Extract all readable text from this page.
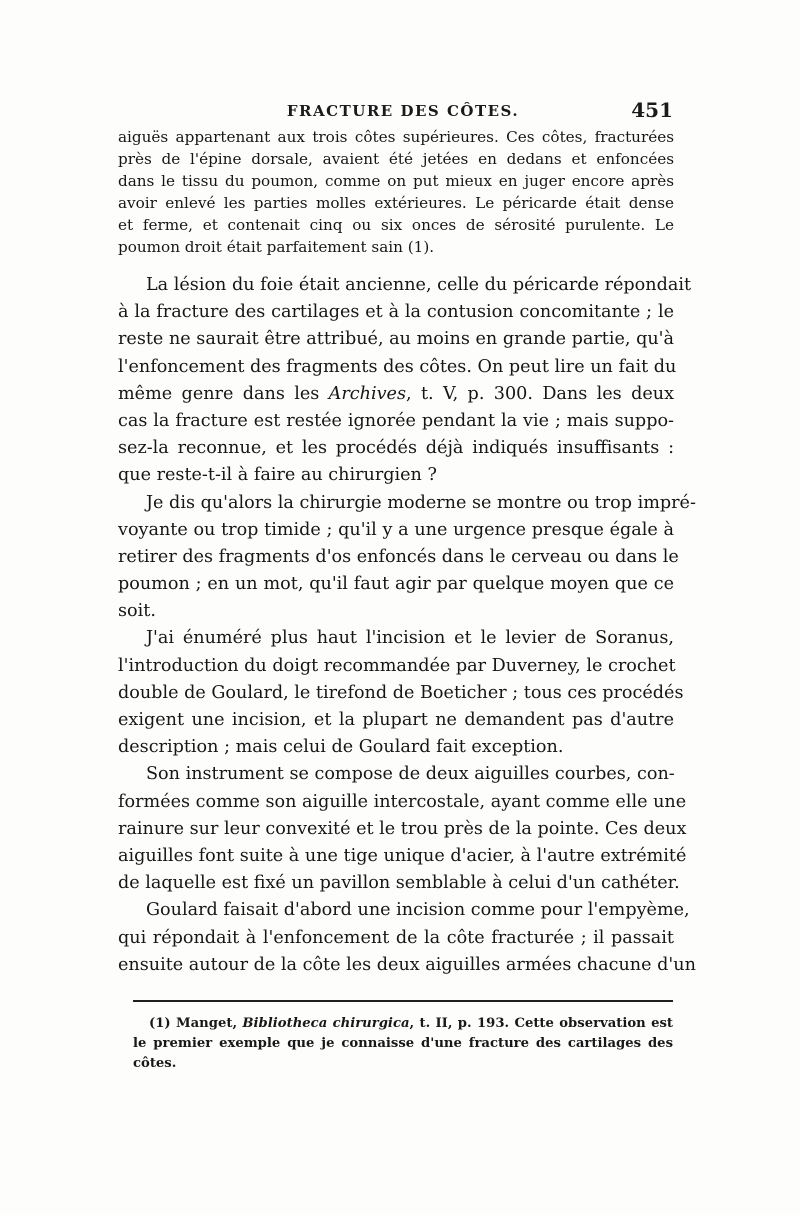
FRACTURE DES CÔTES.	451
aiguës appartenant aux trois côtes supérieures. Ces côtes, fracturées
près de l'épine dorsale, avaient été jetées en dedans et enfoncées
dans le tissu du poumon, comme on put mieux en juger encore après
avoir enlevé les parties molles extérieures. Le péricarde était dense
et ferme, et contenait cinq ou six onces de sérosité purulente. Le
poumon droit était parfaitement sain (1).
La lésion du foie était ancienne, celle du péricarde répondait
à la fracture des cartilages et à la contusion concomitante ; le
reste ne saurait être attribué, au moins en grande partie, qu'à
l'enfoncement des fragments des côtes. On peut lire un fait du
même genre dans les Archives, t. V, p. 300. Dans les deux
cas la fracture est restée ignorée pendant la vie ; mais suppo-
sez-la reconnue, et les procédés déjà indiqués insuffisants :
que reste-t-il à faire au chirurgien ?
Je dis qu'alors la chirurgie moderne se montre ou trop impré-
voyante ou trop timide ; qu'il y a une urgence presque égale à
retirer des fragments d'os enfoncés dans le cerveau ou dans le
poumon ; en un mot, qu'il faut agir par quelque moyen que ce
soit.
J'ai énuméré plus haut l'incision et le levier de Soranus,
l'introduction du doigt recommandée par Duverney, le crochet
double de Goulard, le tirefond de Boeticher ; tous ces procédés
exigent une incision, et la plupart ne demandent pas d'autre
description ; mais celui de Goulard fait exception.
Son instrument se compose de deux aiguilles courbes, con-
formées comme son aiguille intercostale, ayant comme elle une
rainure sur leur convexité et le trou près de la pointe. Ces deux
aiguilles font suite à une tige unique d'acier, à l'autre extrémité
de laquelle est fixé un pavillon semblable à celui d'un cathéter.
Goulard faisait d'abord une incision comme pour l'empyème,
qui répondait à l'enfoncement de la côte fracturée ; il passait
ensuite autour de la côte les deux aiguilles armées chacune d'un
(1) Manget, Bibliotheca chirurgica, t. II, p. 193. Cette observation est
le premier exemple que je connaisse d'une fracture des cartilages des
côtes.
